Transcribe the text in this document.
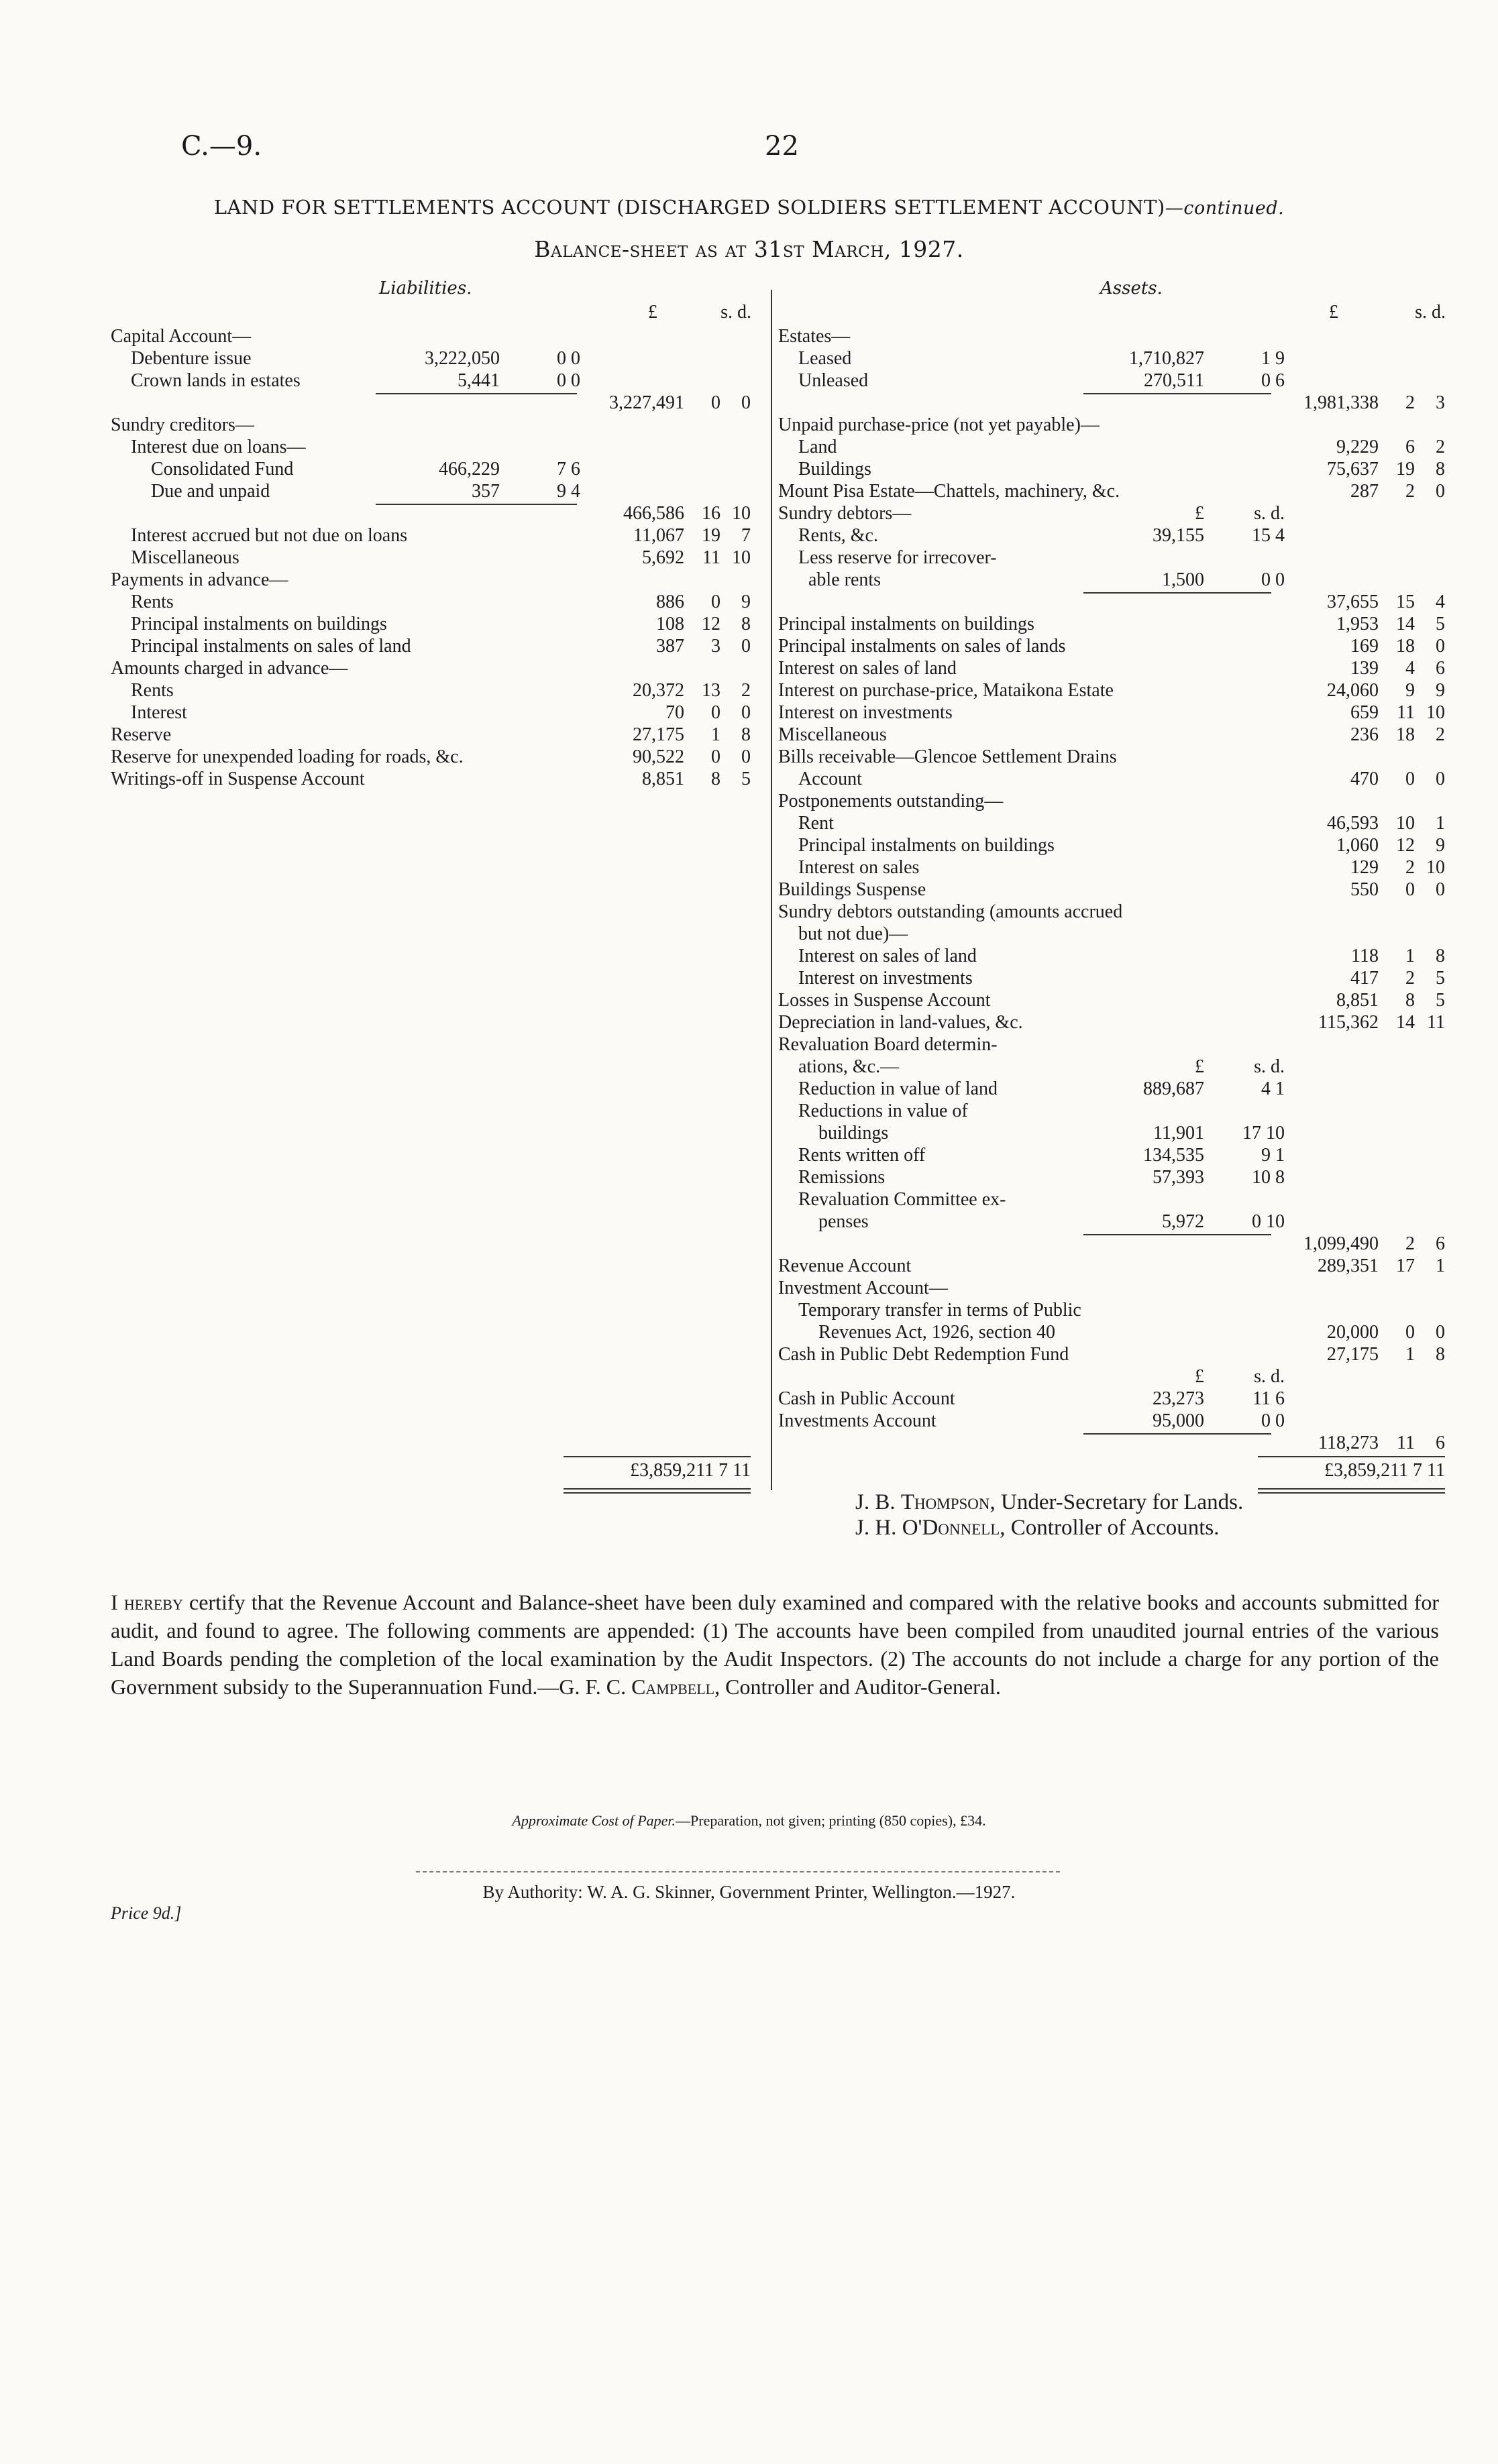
C.—9.	22
LAND FOR SETTLEMENTS ACCOUNT (DISCHARGED SOLDIERS SETTLEMENT ACCOUNT)—continued.
Balance-sheet as at 31st March, 1927.
Liabilities.	Assets.
£	s. d.
Capital Account—
Debenture issue	3,222,050	0 0
Crown lands in estates	5,441	0 0
3,227,491	0	0
Sundry creditors—
Interest due on loans—
Consolidated Fund	466,229	7 6
Due and unpaid	357	9 4
466,586 16 10
Interest accrued but not due on loans	11,067 19	7
Miscellaneous	5,692 11 10
Payments in advance—
Rents	886	0	9
Principal instalments on buildings	108 12	8
Principal instalments on sales of land	387	3	0
Amounts charged in advance—
Rents	20,372 13	2
Interest	70	0	0
Reserve	27,175	1	8
Reserve for unexpended loading for roads, &c.	90,522	0	0
Writings-off in Suspense Account	8,851	8	5
£3,859,211 7 11
£	s. d.
Estates—
Leased	1,710,827	1 9
Unleased	270,511	0 6
1,981,338	2	3
Unpaid purchase-price (not yet payable)—
Land	9,229	6	2
Buildings	75,637 19	8
Mount Pisa Estate—Chattels, machinery, &c.	287	2	0
Sundry debtors—	£	s. d.
Rents, &c.	39,155	15 4
Less reserve for irrecover-
able rents	1,500	0 0
37,655 15	4
Principal instalments on buildings	1,953 14	5
Principal instalments on sales of lands	169 18	0
Interest on sales of land	139	4	6
Interest on purchase-price, Mataikona Estate	24,060	9	9
Interest on investments	659 11 10
Miscellaneous	236 18	2
Bills receivable—Glencoe Settlement Drains
Account	470	0	0
Postponements outstanding—
Rent	46,593 10	1
Principal instalments on buildings	1,060 12	9
Interest on sales	129	2 10
Buildings Suspense	550	0	0
Sundry debtors outstanding (amounts accrued
but not due)—
Interest on sales of land	118	1	8
Interest on investments	417	2	5
Losses in Suspense Account	8,851	8	5
Depreciation in land-values, &c.	115,362 14 11
Revaluation Board determin-
ations, &c.—	£	s. d.
Reduction in value of land	889,687	4 1
Reductions in value of
buildings	11,901	17 10
Rents written off	134,535	9 1
Remissions	57,393	10 8
Revaluation Committee ex-
penses	5,972	0 10
1,099,490	2	6
Revenue Account	289,351 17	1
Investment Account—
Temporary transfer in terms of Public
Revenues Act, 1926, section 40	20,000	0	0
Cash in Public Debt Redemption Fund	27,175	1	8
£	s. d.
Cash in Public Account	23,273	11 6
Investments Account	95,000	0 0
118,273 11	6
£3,859,211 7 11
J. B. Thompson, Under-Secretary for Lands.
J. H. O'Donnell, Controller of Accounts.
I hereby certify that the Revenue Account and Balance-sheet have been duly examined and compared with the relative books and accounts submitted for audit, and found to agree. The following comments are appended: (1) The accounts have been compiled from unaudited journal entries of the various Land Boards pending the completion of the local examination by the Audit Inspectors. (2) The accounts do not include a charge for any portion of the Government subsidy to the Superannuation Fund.—G. F. C. Campbell, Controller and Auditor-General.
Approximate Cost of Paper.—Preparation, not given; printing (850 copies), £34.
By Authority: W. A. G. Skinner, Government Printer, Wellington.—1927.
Price 9d.]
